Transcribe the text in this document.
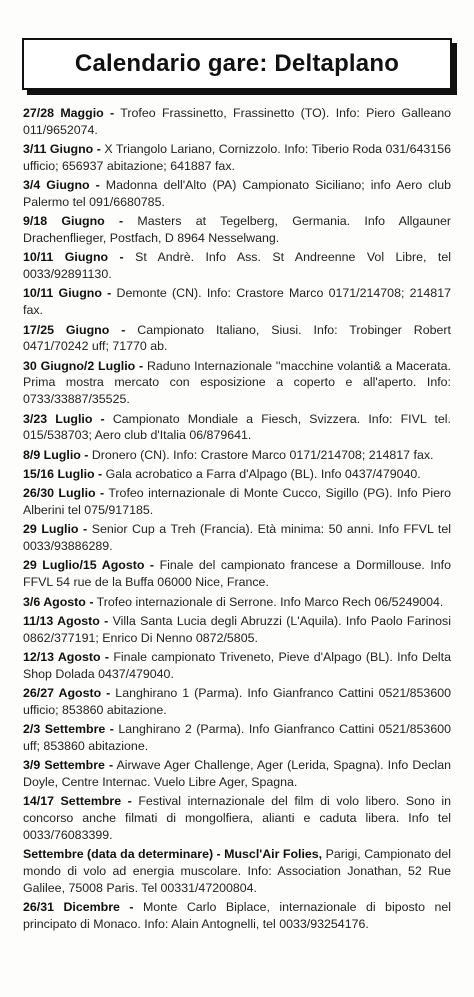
Calendario gare: Deltaplano

27/28 Maggio - Trofeo Frassinetto, Frassinetto (TO). Info: Piero Galleano 011/9652074.

3/11 Giugno - X Triangolo Lariano, Cornizzolo. Info: Tiberio Roda 031/643156 ufficio; 656937 abitazione; 641887 fax.

3/4 Giugno - Madonna dell'Alto (PA) Campionato Siciliano; info Aero club Palermo tel 091/6680785.

9/18 Giugno - Masters at Tegelberg, Germania. Info Allgauner Drachenflieger, Postfach, D 8964 Nesselwang.

10/11 Giugno - St Andrè. Info Ass. St Andreenne Vol Libre, tel 0033/92891130.

10/11 Giugno - Demonte (CN). Info: Crastore Marco 0171/214708; 214817 fax.

17/25 Giugno - Campionato Italiano, Siusi. Info: Trobinger Robert 0471/70242 uff; 71770 ab.

30 Giugno/2 Luglio - Raduno Internazionale ''macchine volanti& a Macerata. Prima mostra mercato con esposizione a coperto e all'aperto. Info: 0733/33887/35525.

3/23 Luglio - Campionato Mondiale a Fiesch, Svizzera. Info: FIVL tel. 015/538703; Aero club d'Italia 06/879641.

8/9 Luglio - Dronero (CN). Info: Crastore Marco 0171/214708; 214817 fax.

15/16 Luglio - Gala acrobatico a Farra d'Alpago (BL). Info 0437/479040.

26/30 Luglio - Trofeo internazionale di Monte Cucco, Sigillo (PG). Info Piero Alberini tel 075/917185.

29 Luglio - Senior Cup a Treh (Francia). Età minima: 50 anni. Info FFVL tel 0033/93886289.

29 Luglio/15 Agosto - Finale del campionato francese a Dormillouse. Info FFVL 54 rue de la Buffa 06000 Nice, France.

3/6 Agosto - Trofeo internazionale di Serrone. Info Marco Rech 06/5249004.

11/13 Agosto - Villa Santa Lucia degli Abruzzi (L'Aquila). Info Paolo Farinosi 0862/377191; Enrico Di Nenno 0872/5805.

12/13 Agosto - Finale campionato Triveneto, Pieve d'Alpago (BL). Info Delta Shop Dolada 0437/479040.

26/27 Agosto - Langhirano 1 (Parma). Info Gianfranco Cattini 0521/853600 ufficio; 853860 abitazione.

2/3 Settembre - Langhirano 2 (Parma). Info Gianfranco Cattini 0521/853600 uff; 853860 abitazione.

3/9 Settembre - Airwave Ager Challenge, Ager (Lerida, Spagna). Info Declan Doyle, Centre Internac. Vuelo Libre Ager, Spagna.

14/17 Settembre - Festival internazionale del film di volo libero. Sono in concorso anche filmati di mongolfiera, alianti e caduta libera. Info tel 0033/76083399.

Settembre (data da determinare) - Muscl'Air Folies, Parigi, Campionato del mondo di volo ad energia muscolare. Info: Association Jonathan, 52 Rue Galilee, 75008 Paris. Tel 00331/47200804.

26/31 Dicembre - Monte Carlo Biplace, internazionale di biposto nel principato di Monaco. Info: Alain Antognelli, tel 0033/93254176.
